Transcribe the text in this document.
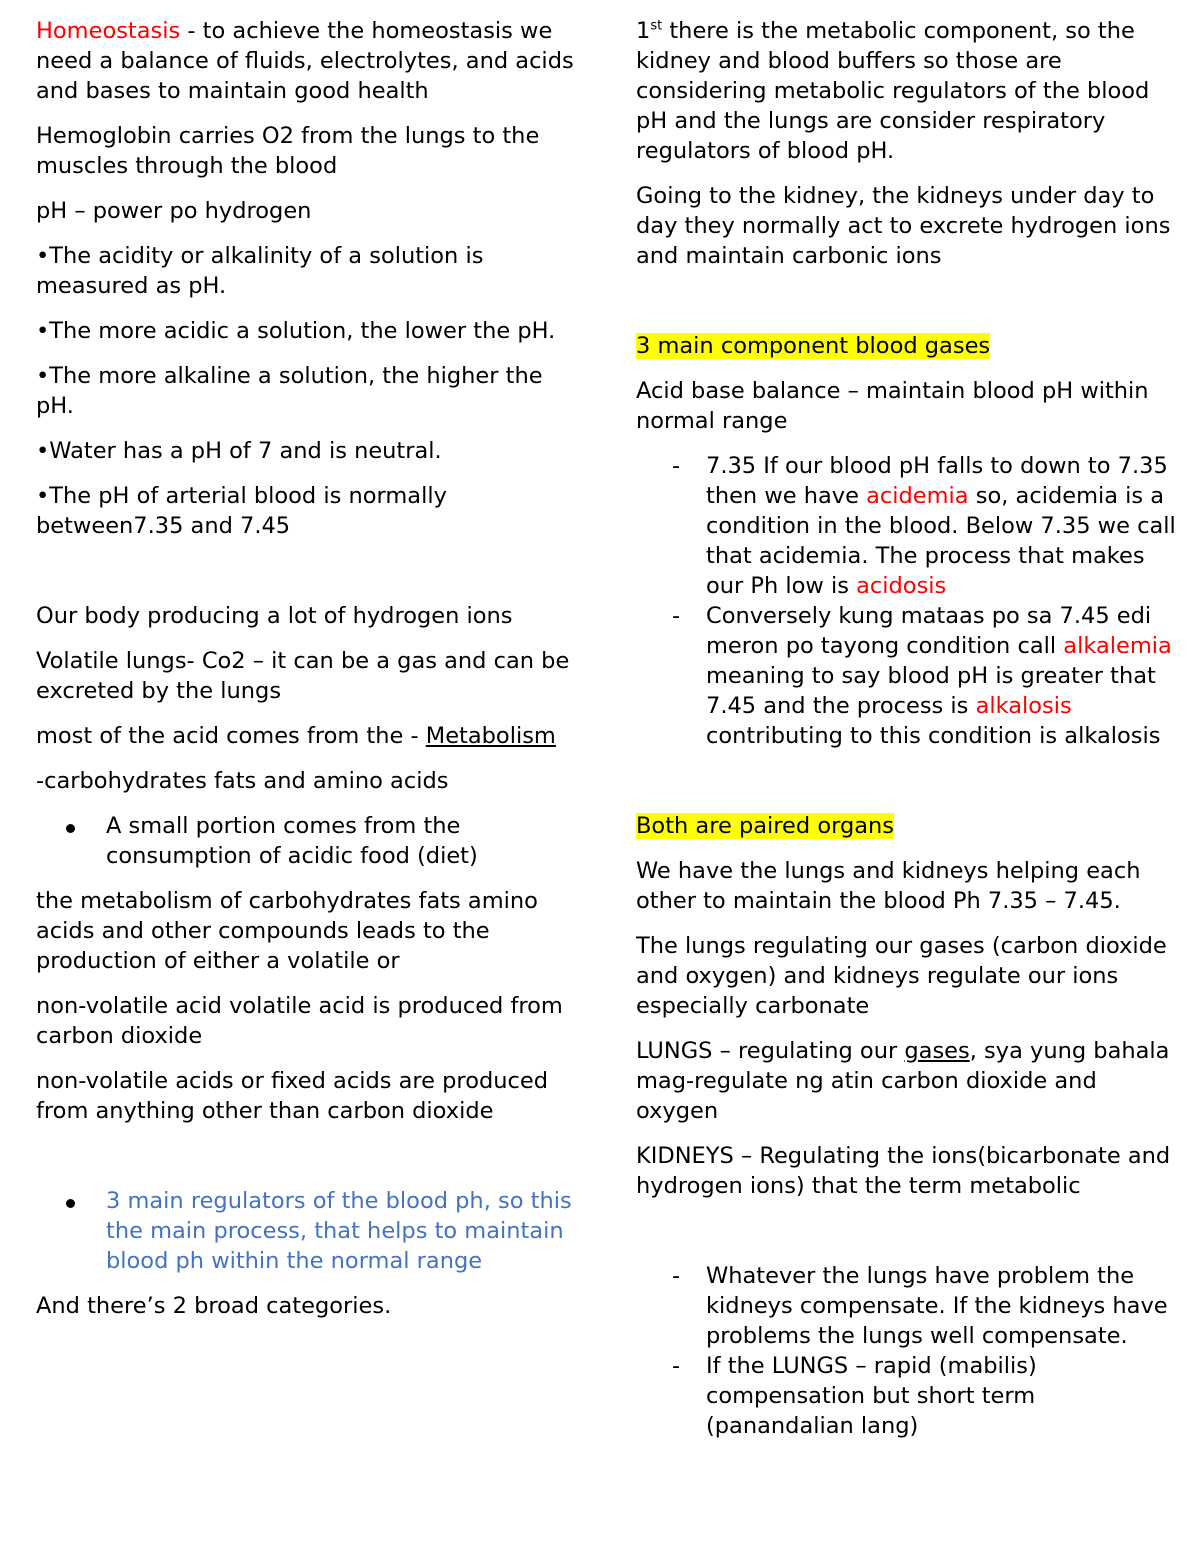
Homeostasis - to achieve the homeostasis we need a balance of fluids, electrolytes, and acids and bases to maintain good health

Hemoglobin carries O2 from the lungs to the muscles through the blood

pH – power po hydrogen

•The acidity or alkalinity of a solution is measured as pH.

•The more acidic a solution, the lower the pH.

•The more alkaline a solution, the higher the pH.

•Water has a pH of 7 and is neutral.

•The pH of arterial blood is normally between7.35 and 7.45

Our body producing a lot of hydrogen ions

Volatile lungs- Co2 – it can be a gas and can be excreted by the lungs

most of the acid comes from the - Metabolism

-carbohydrates fats and amino acids

A small portion comes from the consumption of acidic food (diet)

the metabolism of carbohydrates fats amino acids and other compounds leads to the production of either a volatile or

non-volatile acid volatile acid is produced from carbon dioxide

non-volatile acids or fixed acids are produced from anything other than carbon dioxide

3 main regulators of the blood ph, so this the main process, that helps to maintain blood ph within the normal range

And there’s 2 broad categories.

1st there is the metabolic component, so the kidney and blood buffers so those are considering metabolic regulators of the blood pH and the lungs are consider respiratory regulators of blood pH.

Going to the kidney, the kidneys under day to day they normally act to excrete hydrogen ions and maintain carbonic ions

3 main component blood gases

Acid base balance – maintain blood pH within normal range

- 7.35 If our blood pH falls to down to 7.35 then we have acidemia so, acidemia is a condition in the blood. Below 7.35 we call that acidemia. The process that makes our Ph low is acidosis
- Conversely kung mataas po sa 7.45 edi meron po tayong condition call alkalemia meaning to say blood pH is greater that 7.45 and the process is alkalosis contributing to this condition is alkalosis

Both are paired organs

We have the lungs and kidneys helping each other to maintain the blood Ph 7.35 – 7.45.

The lungs regulating our gases (carbon dioxide and oxygen) and kidneys regulate our ions especially carbonate

LUNGS – regulating our gases, sya yung bahala mag-regulate ng atin carbon dioxide and oxygen

KIDNEYS – Regulating the ions(bicarbonate and hydrogen ions) that the term metabolic

- Whatever the lungs have problem the kidneys compensate. If the kidneys have problems the lungs well compensate.
- If the LUNGS – rapid (mabilis) compensation but short term (panandalian lang)
